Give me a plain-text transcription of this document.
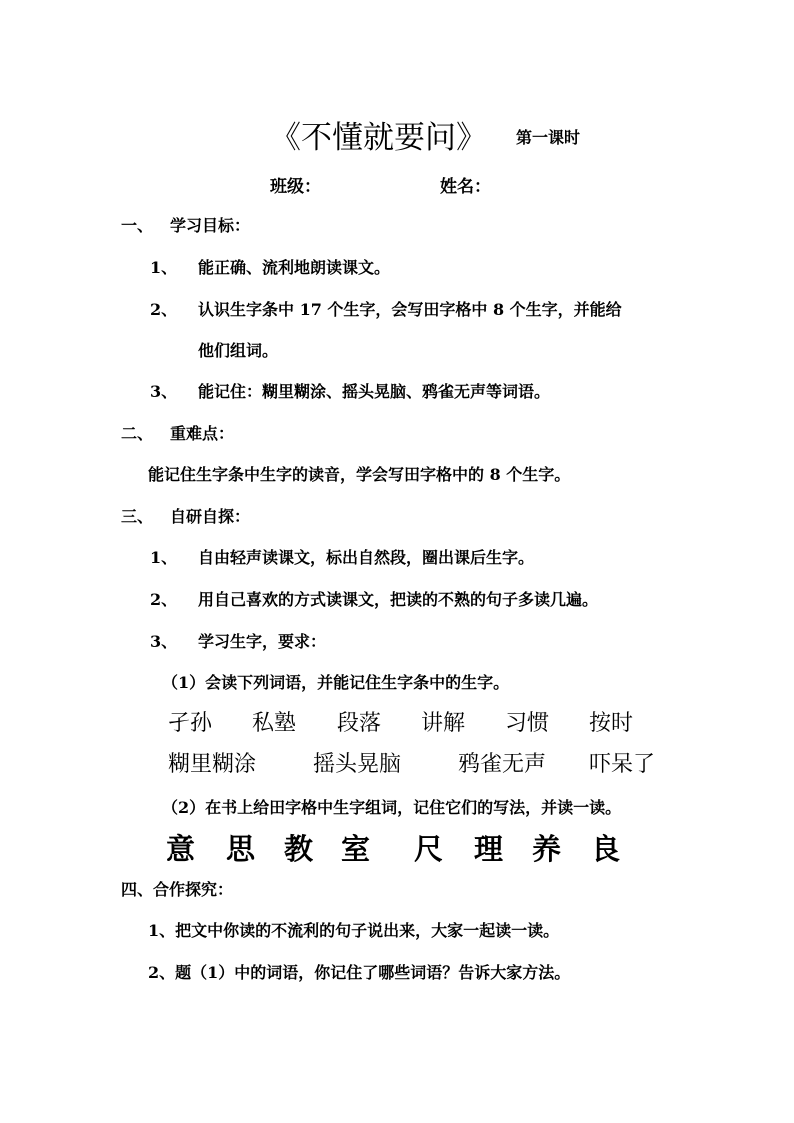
《不懂就要问》 第一课时
班级：	姓名：
一、 学习目标：
1、 能正确、流利地朗读课文。
2、 认识生字条中 17 个生字，会写田字格中 8 个生字，并能给
他们组词。
3、 能记住：糊里糊涂、摇头晃脑、鸦雀无声等词语。
二、 重难点：
能记住生字条中生字的读音，学会写田字格中的 8 个生字。
三、 自研自探：
1、 自由轻声读课文，标出自然段，圈出课后生字。
2、 用自己喜欢的方式读课文，把读的不熟的句子多读几遍。
3、 学习生字，要求：
（1）会读下列词语，并能记住生字条中的生字。
孑孙 私塾 段落 讲解 习惯 按时
糊里糊涂	摇头晃脑	鸦雀无声 吓呆了
（2）在书上给田字格中生字组词，记住它们的写法，并读一读。
意 思 教 室 尺 理 养 良
四、合作探究：
1、把文中你读的不流利的句子说出来，大家一起读一读。
2、题（1）中的词语，你记住了哪些词语？告诉大家方法。
